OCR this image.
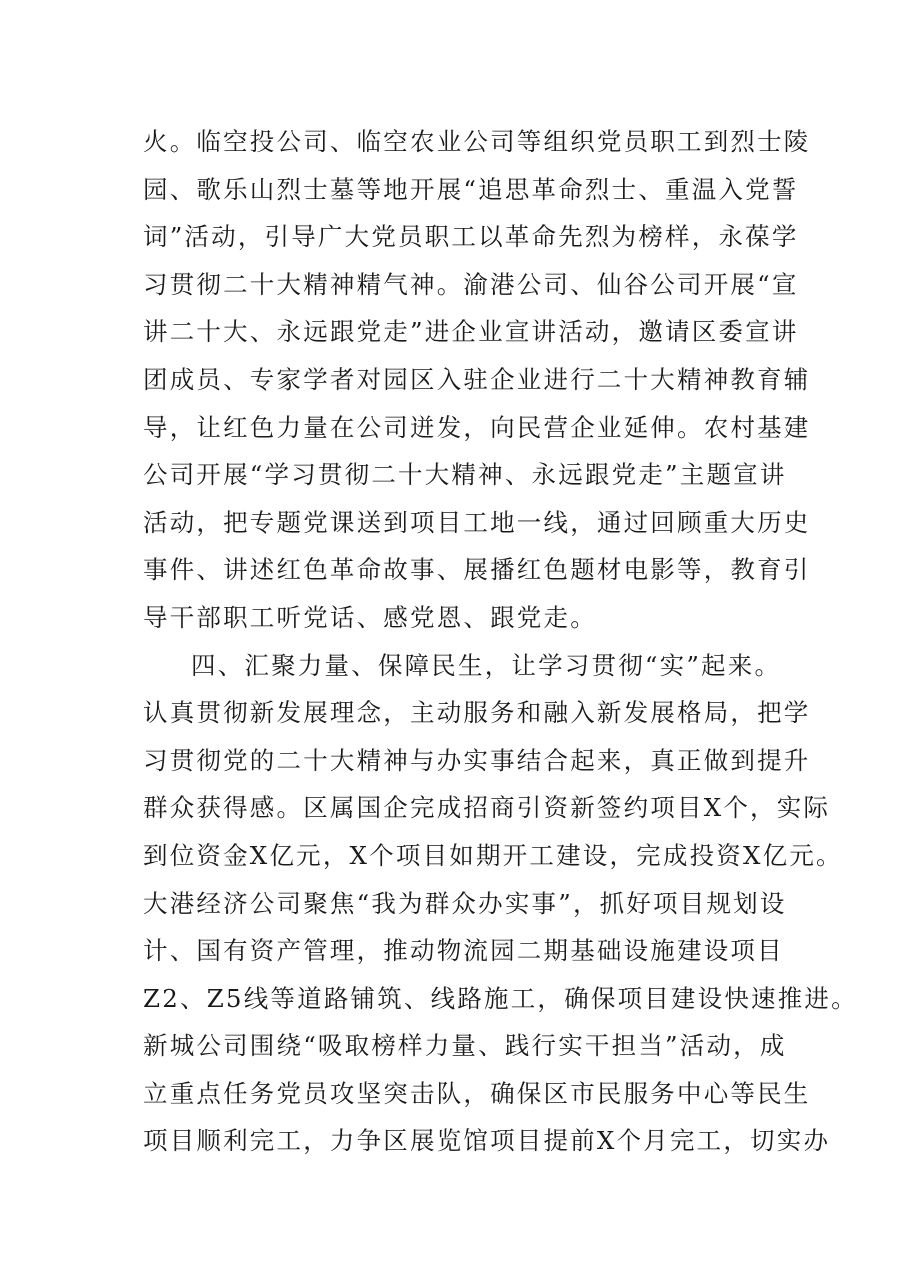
火。临空投公司、临空农业公司等组织党员职工到烈士陵
园、歌乐山烈士墓等地开展“追思革命烈士、重温入党誓
词”活动，引导广大党员职工以革命先烈为榜样，永葆学
习贯彻二十大精神精气神。渝港公司、仙谷公司开展“宣
讲二十大、永远跟党走”进企业宣讲活动，邀请区委宣讲
团成员、专家学者对园区入驻企业进行二十大精神教育辅
导，让红色力量在公司迸发，向民营企业延伸。农村基建
公司开展“学习贯彻二十大精神、永远跟党走”主题宣讲
活动，把专题党课送到项目工地一线，通过回顾重大历史
事件、讲述红色革命故事、展播红色题材电影等，教育引
导干部职工听党话、感党恩、跟党走。
四、汇聚力量、保障民生，让学习贯彻“实”起来。
认真贯彻新发展理念，主动服务和融入新发展格局，把学
习贯彻党的二十大精神与办实事结合起来，真正做到提升
群众获得感。区属国企完成招商引资新签约项目X个，实际
到位资金X亿元，X个项目如期开工建设，完成投资X亿元。
大港经济公司聚焦“我为群众办实事”，抓好项目规划设
计、国有资产管理，推动物流园二期基础设施建设项目
Z2、Z5线等道路铺筑、线路施工，确保项目建设快速推进。
新城公司围绕“吸取榜样力量、践行实干担当”活动，成
立重点任务党员攻坚突击队，确保区市民服务中心等民生
项目顺利完工，力争区展览馆项目提前X个月完工，切实办
